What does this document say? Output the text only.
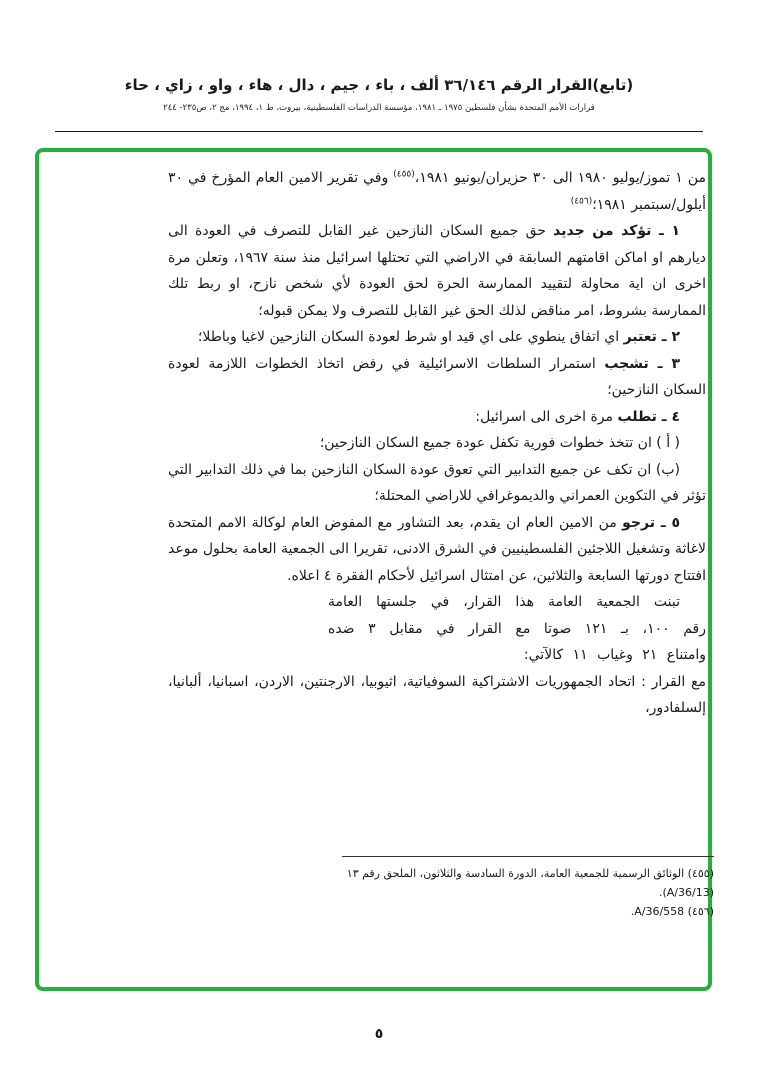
(تابع)القرار الرقم ٣٦/١٤٦ ألف ، باء ، جيم ، دال ، هاء ، واو ، زاي ، حاء
قرارات الأمم المتحدة بشأن فلسطين ١٩٧٥ ـ ١٩٨١، مؤسسة الدراسات الفلسطينية، بيروت، ط ١، ١٩٩٤، مج ٢، ص٢٣٥- ٢٤٤

من ١ تموز/يوليو ١٩٨٠ الى ٣٠ حزيران/يونيو ١٩٨١،$^{(٤٥٥)}$ وفي تقرير الامين العام المؤرخ في ٣٠ أيلول/سبتمبر ١٩٨١؛$^{(٤٥٦)}$

١ ـ تؤكد من جديد حق جميع السكان النازحين غير القابل للتصرف في العودة الى ديارهم او اماكن اقامتهم السابقة في الاراضي التي تحتلها اسرائيل منذ سنة ١٩٦٧، وتعلن مرة اخرى ان اية محاولة لتقييد الممارسة الحرة لحق العودة لأي شخص نازح، او ربط تلك الممارسة بشروط، امر مناقض لذلك الحق غير القابل للتصرف ولا يمكن قبوله؛

٢ ـ تعتبر اي اتفاق ينطوي على اي قيد او شرط لعودة السكان النازحين لاغيا وباطلا؛

٣ ـ تشجب استمرار السلطات الاسرائيلية في رفض اتخاذ الخطوات اللازمة لعودة السكان النازحين؛

٤ ـ تطلب مرة اخرى الى اسرائيل:

( أ ) ان تتخذ خطوات فورية تكفل عودة جميع السكان النازحين؛

(ب) ان تكف عن جميع التدابير التي تعوق عودة السكان النازحين بما في ذلك التدابير التي تؤثر في التكوين العمراني والديموغرافي للاراضي المحتلة؛

٥ ـ ترجو من الامين العام ان يقدم، بعد التشاور مع المفوض العام لوكالة الامم المتحدة لاغاثة وتشغيل اللاجئين الفلسطينيين في الشرق الادنى، تقريرا الى الجمعية العامة بحلول موعد افتتاح دورتها السابعة والثلاثين، عن امتثال اسرائيل لأحكام الفقرة ٤ اعلاه.

تبنت الجمعية العامة هذا القرار، في جلستها العامة رقم ١٠٠، بـ ١٢١ صوتا مع القرار في مقابل ٣ ضده وامتناع ٢١ وغياب ١١ كالآتي:

مع القرار : اتحاد الجمهوريات الاشتراكية السوفياتية، اثيوبيا، الارجنتين، الاردن، اسبانيا، ألبانيا، إلسلفادور،

(٤٥٥) الوثائق الرسمية للجمعية العامة، الدورة السادسة والثلاثون، الملحق رقم ١٣ (A/36/13).

(٤٥٦) A/36/558.

٥
